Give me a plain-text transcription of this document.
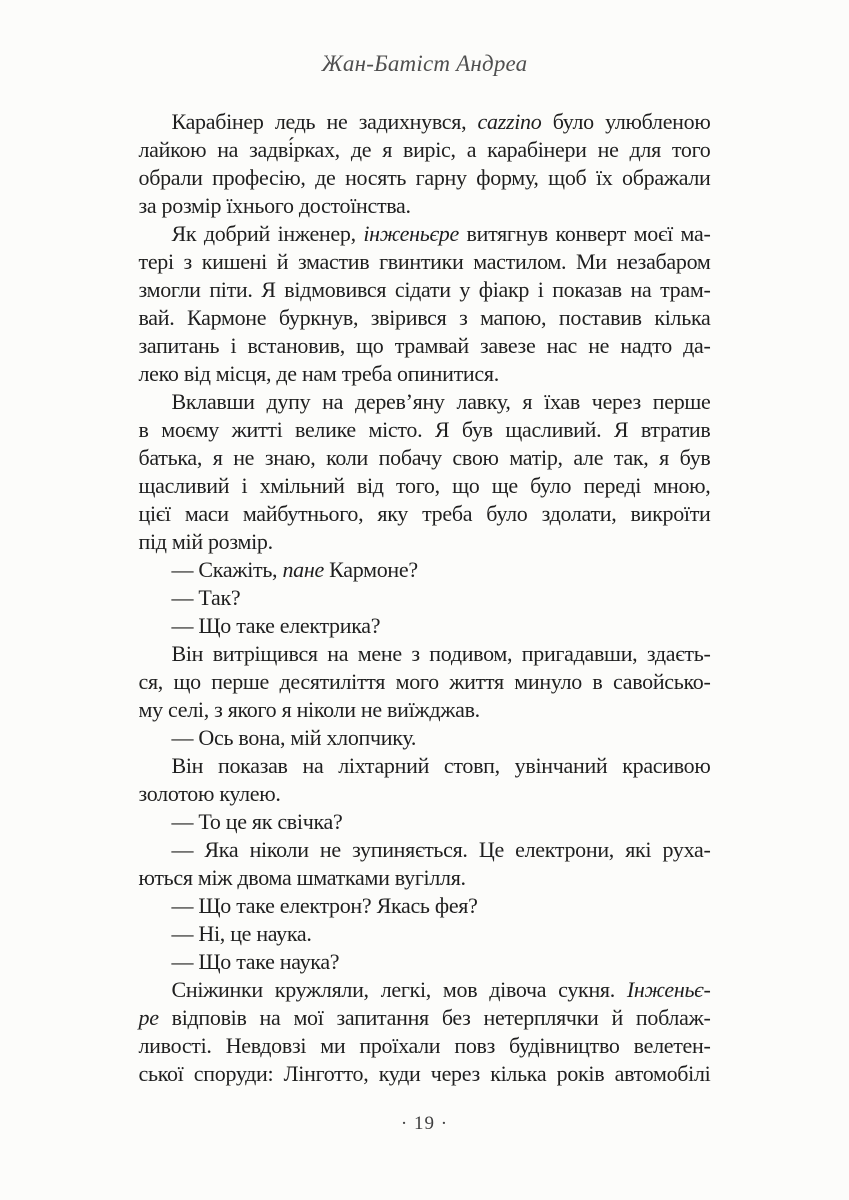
Жан-Батіст Андреа
Карабінер ледь не задихнувся, cazzino було улюбленою
лайкою на задві́рках, де я виріс, а карабінери не для того
обрали професію, де носять гарну форму, щоб їх ображали
за розмір їхнього достоїнства.
Як добрий інженер, інженьєре витягнув конверт моєї ма-
тері з кишені й змастив гвинтики мастилом. Ми незабаром
змогли піти. Я відмовився сідати у фіакр і показав на трам-
вай. Кармоне буркнув, звірився з мапою, поставив кілька
запитань і встановив, що трамвай завезе нас не надто да-
леко від місця, де нам треба опинитися.
Вклавши дупу на дерев’яну лавку, я їхав через перше
в моєму житті велике місто. Я був щасливий. Я втратив
батька, я не знаю, коли побачу свою матір, але так, я був
щасливий і хмільний від того, що ще було переді мною,
цієї маси майбутнього, яку треба було здолати, викроїти
під мій розмір.
— Скажіть, пане Кармоне?
— Так?
— Що таке електрика?
Він витріщився на мене з подивом, пригадавши, здаєть-
ся, що перше десятиліття мого життя минуло в савойсько-
му селі, з якого я ніколи не виїжджав.
— Ось вона, мій хлопчику.
Він показав на ліхтарний стовп, увінчаний красивою
золотою кулею.
— То це як свічка?
— Яка ніколи не зупиняється. Це електрони, які руха-
ються між двома шматками вугілля.
— Що таке електрон? Якась фея?
— Ні, це наука.
— Що таке наука?
Сніжинки кружляли, легкі, мов дівоча сукня. Інженьє-
ре відповів на мої запитання без нетерплячки й поблаж-
ливості. Невдовзі ми проїхали повз будівництво велетен-
ської споруди: Лінготто, куди через кілька років автомобілі
· 19 ·
